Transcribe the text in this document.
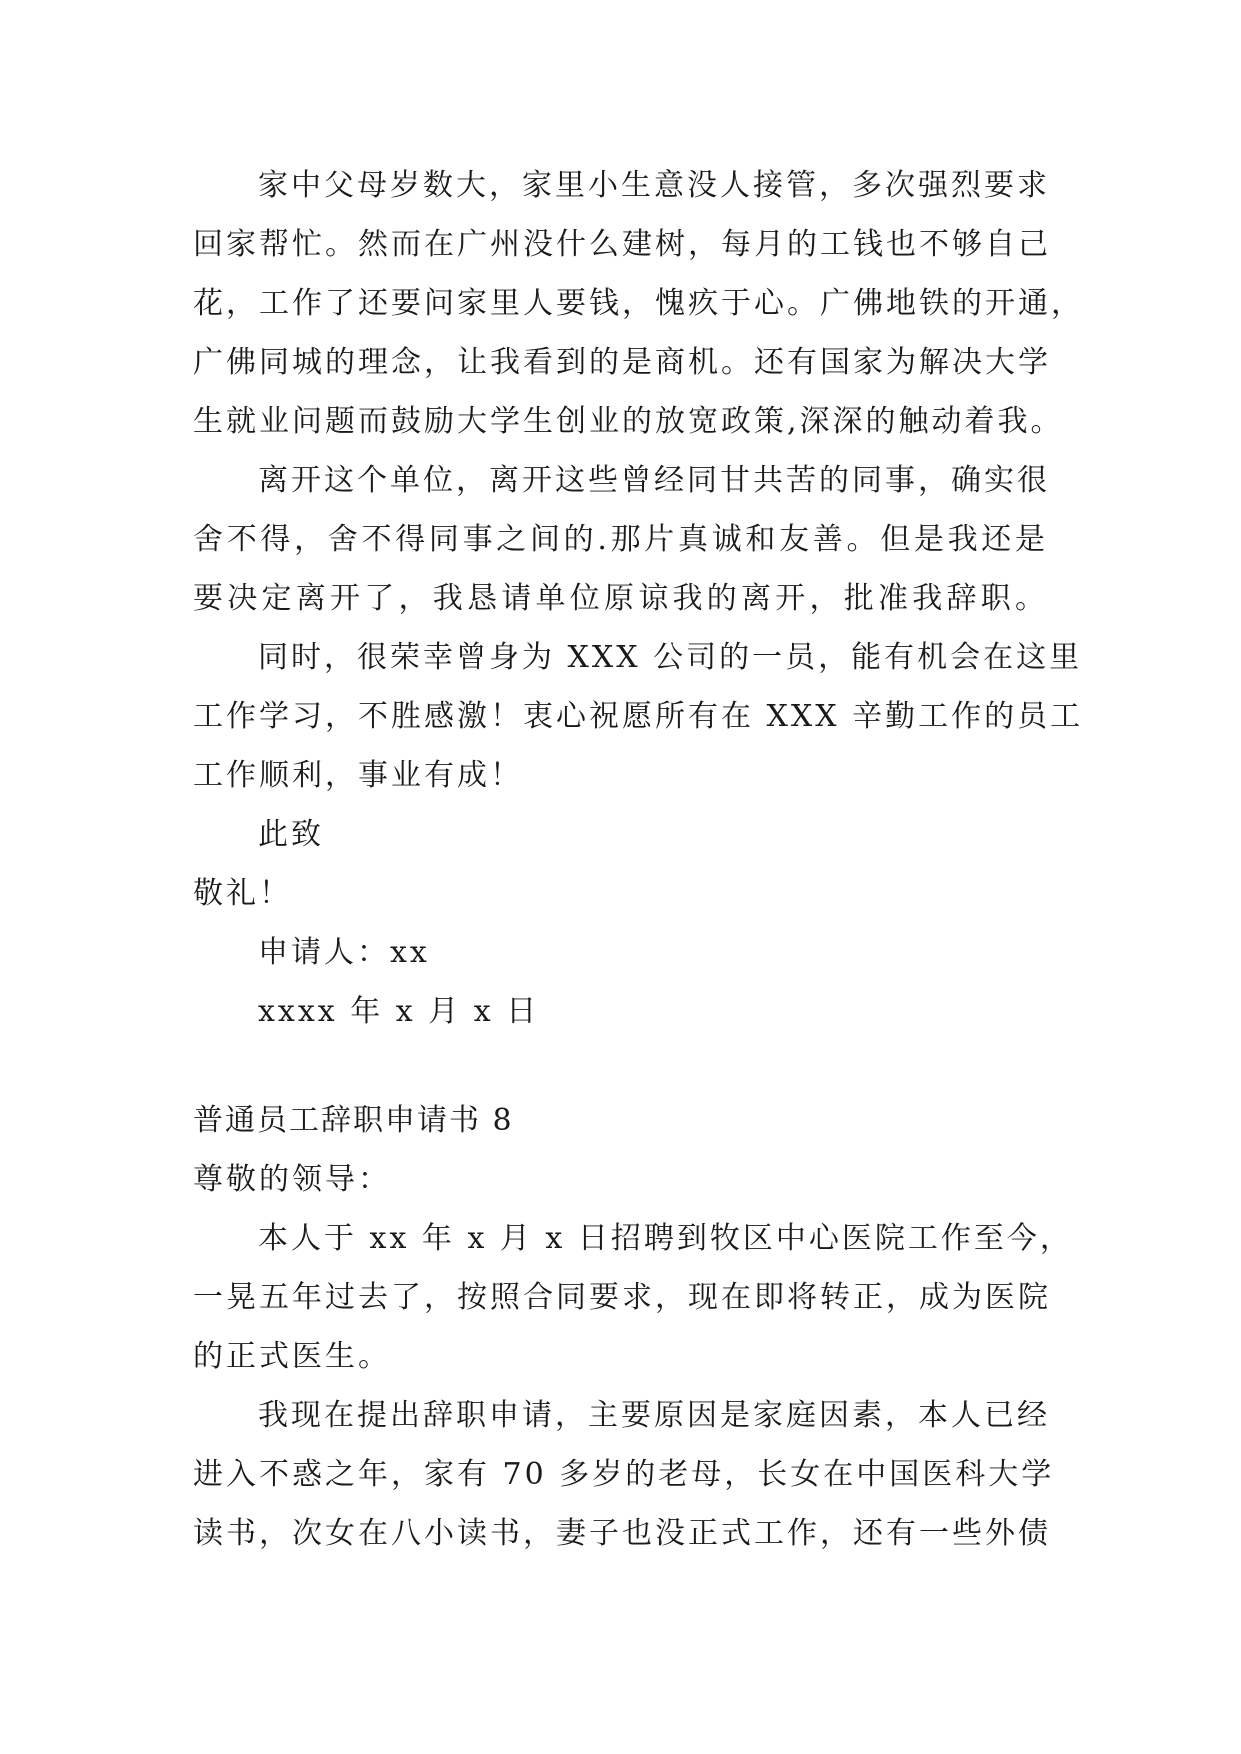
家中父母岁数大，家里小生意没人接管，多次强烈要求
回家帮忙。然而在广州没什么建树，每月的工钱也不够自己
花，工作了还要问家里人要钱，愧疚于心。广佛地铁的开通，
广佛同城的理念，让我看到的是商机。还有国家为解决大学
生就业问题而鼓励大学生创业的放宽政策,深深的触动着我。
离开这个单位，离开这些曾经同甘共苦的同事，确实很
舍不得，舍不得同事之间的.那片真诚和友善。但是我还是
要决定离开了，我恳请单位原谅我的离开，批准我辞职。
同时，很荣幸曾身为 XXX 公司的一员，能有机会在这里
工作学习，不胜感激！衷心祝愿所有在 XXX 辛勤工作的员工
工作顺利，事业有成！
此致
敬礼！
申请人：xx
xxxx 年 x 月 x 日
普通员工辞职申请书 8
尊敬的领导：
本人于 xx 年 x 月 x 日招聘到牧区中心医院工作至今，
一晃五年过去了，按照合同要求，现在即将转正，成为医院
的正式医生。
我现在提出辞职申请，主要原因是家庭因素，本人已经
进入不惑之年，家有 70 多岁的老母，长女在中国医科大学
读书，次女在八小读书，妻子也没正式工作，还有一些外债
